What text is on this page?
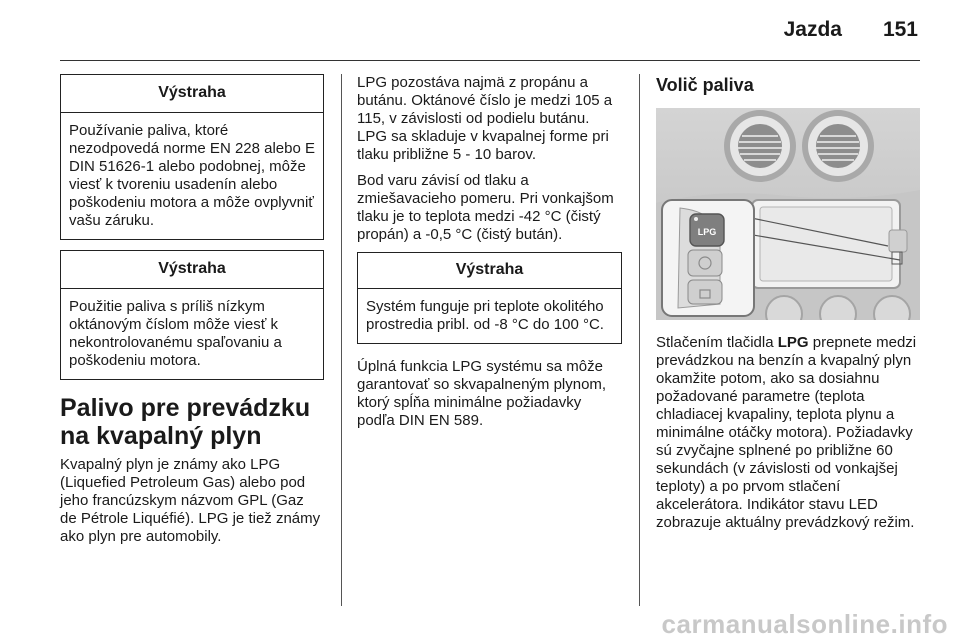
Jazda 151
Výstraha
Používanie paliva, ktoré nezodpovedá norme EN 228 alebo E DIN 51626-1 alebo podobnej, môže viesť k tvoreniu usadenín alebo poškodeniu motora a môže ovplyvniť vašu záruku.
Výstraha
Použitie paliva s príliš nízkym oktánovým číslom môže viesť k nekontrolovanému spaľovaniu a poškodeniu motora.
Palivo pre prevádzku na kvapalný plyn

Kvapalný plyn je známy ako LPG (Liquefied Petroleum Gas) alebo pod jeho francúzskym názvom GPL (Gaz de Pétrole Liquéfié). LPG je tiež známy ako plyn pre automobily.

LPG pozostáva najmä z propánu a butánu. Oktánové číslo je medzi 105 a 115, v závislosti od podielu butánu. LPG sa skladuje v kvapalnej forme pri tlaku približne 5 - 10 barov.

Bod varu závisí od tlaku a zmiešavacieho pomeru. Pri vonkajšom tlaku je to teplota medzi -42 °C (čistý propán) a -0,5 °C (čistý bután).

Výstraha
Systém funguje pri teplote okolitého prostredia pribl. od -8 °C do 100 °C.

Úplná funkcia LPG systému sa môže garantovať so skvapalneným plynom, ktorý spĺňa minimálne požiadavky podľa DIN EN 589.

Volič paliva
LPG

Stlačením tlačidla LPG prepnete medzi prevádzkou na benzín a kvapalný plyn okamžite potom, ako sa dosiahnu požadované parametre (teplota chladiacej kvapaliny, teplota plynu a minimálne otáčky motora). Požiadavky sú zvyčajne splnené po približne 60 sekundách (v závislosti od vonkajšej teploty) a po prvom stlačení akcelerátora. Indikátor stavu LED zobrazuje aktuálny prevádzkový režim.

carmanualsonline.info
